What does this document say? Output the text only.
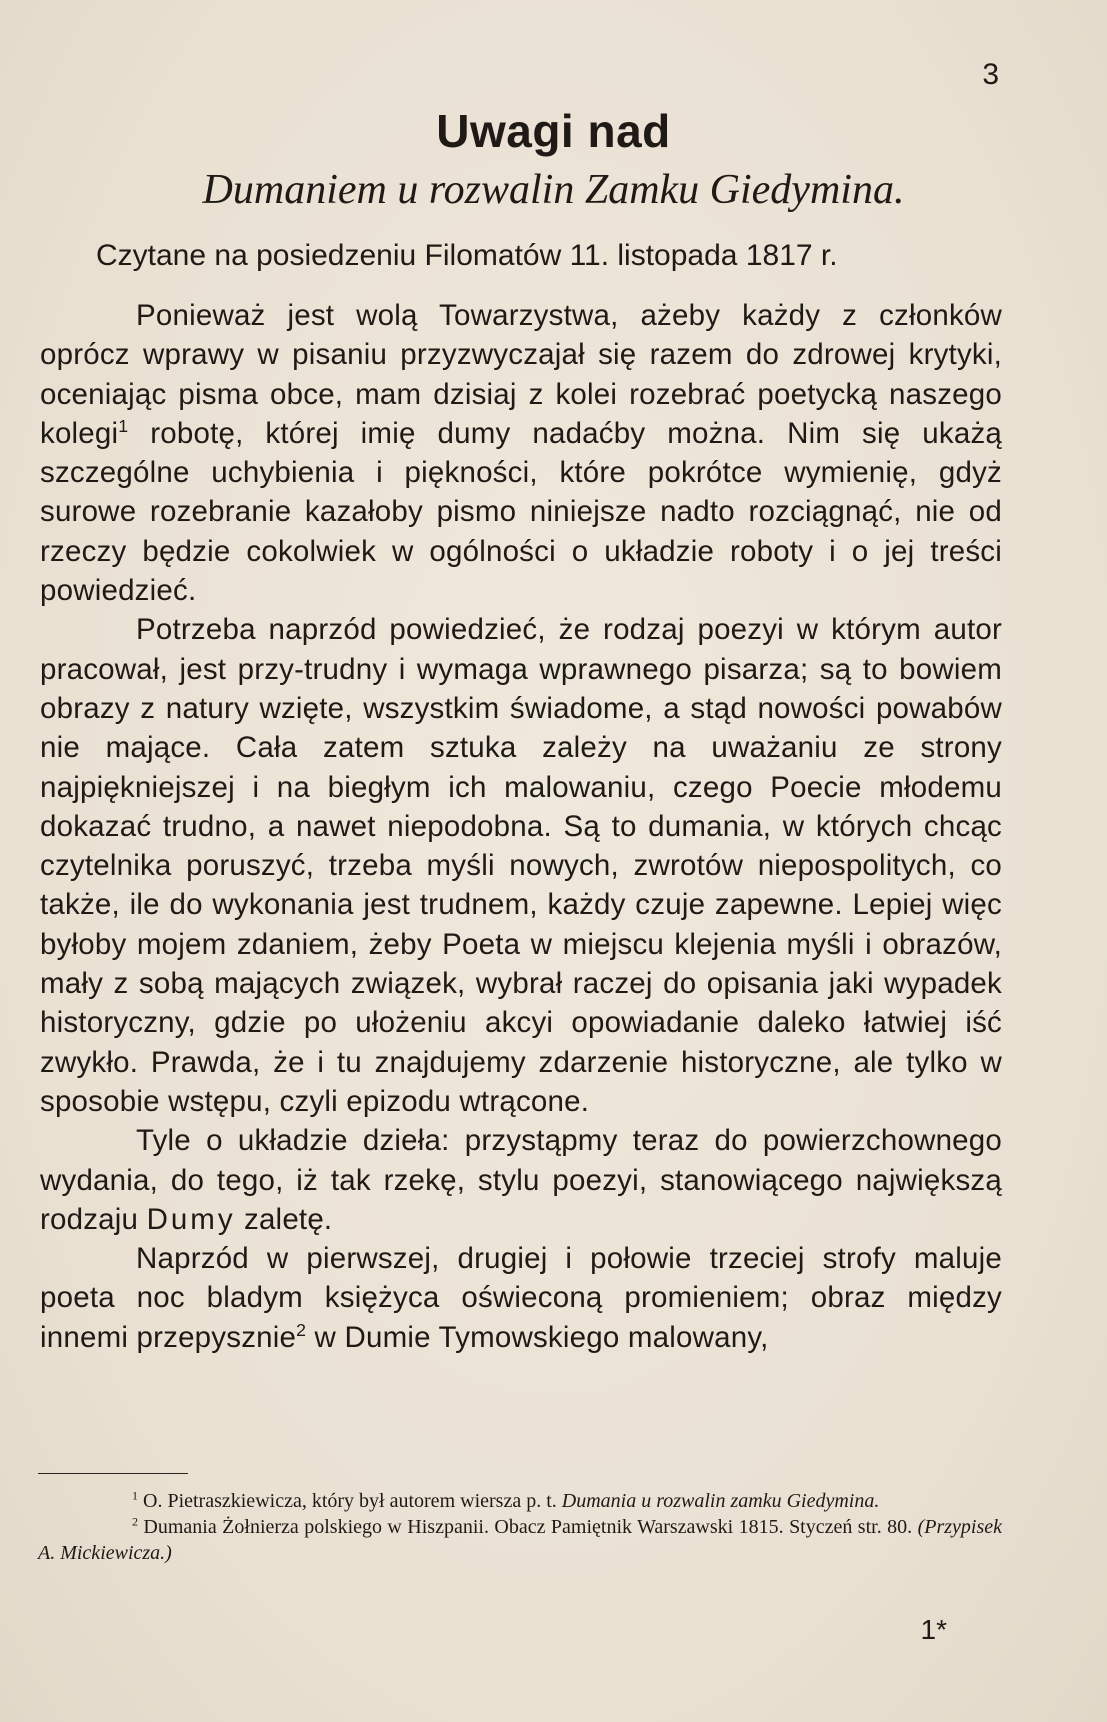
3
Uwagi nad
Dumaniem u rozwalin Zamku Giedymina.
Czytane na posiedzeniu Filomatów 11. listopada 1817 r.

Ponieważ jest wolą Towarzystwa, ażeby każdy z członków oprócz wprawy w pisaniu przyzwyczajał się razem do zdrowej krytyki, oceniając pisma obce, mam dzisiaj z kolei rozebrać poetycką naszego kolegi$^1$ robotę, której imię dumy nadaćby można. Nim się ukażą szczególne uchybienia i piękności, które pokrótce wymienię, gdyż surowe rozebranie kazałoby pismo niniejsze nadto rozciągnąć, nie od rzeczy będzie cokolwiek w ogólności o układzie roboty i o jej treści powiedzieć.

Potrzeba naprzód powiedzieć, że rodzaj poezyi w którym autor pracował, jest przy-trudny i wymaga wprawnego pisarza; są to bowiem obrazy z natury wzięte, wszystkim świadome, a stąd nowości powabów nie mające. Cała zatem sztuka zależy na uważaniu ze strony najpiękniejszej i na biegłym ich malowaniu, czego Poecie młodemu dokazać trudno, a nawet niepodobna. Są to dumania, w których chcąc czytelnika poruszyć, trzeba myśli nowych, zwrotów niepospolitych, co także, ile do wykonania jest trudnem, każdy czuje zapewne. Lepiej więc byłoby mojem zdaniem, żeby Poeta w miejscu klejenia myśli i obrazów, mały z sobą mających związek, wybrał raczej do opisania jaki wypadek historyczny, gdzie po ułożeniu akcyi opowiadanie daleko łatwiej iść zwykło. Prawda, że i tu znajdujemy zdarzenie historyczne, ale tylko w sposobie wstępu, czyli epizodu wtrącone.

Tyle o układzie dzieła: przystąpmy teraz do powierzchownego wydania, do tego, iż tak rzekę, stylu poezyi, stanowiącego największą rodzaju Dumy zaletę.

Naprzód w pierwszej, drugiej i połowie trzeciej strofy maluje poeta noc bladym księżyca oświeconą promieniem; obraz między innemi przepysznie$^2$ w Dumie Tymowskiego malowany,

$^1$ O. Pietraszkiewicza, który był autorem wiersza p. t. Dumania u rozwalin zamku Giedymina.

$^2$ Dumania Żołnierza polskiego w Hiszpanii. Obacz Pamiętnik Warszawski 1815. Styczeń str. 80. (Przypisek A. Mickiewicza.)

1*
